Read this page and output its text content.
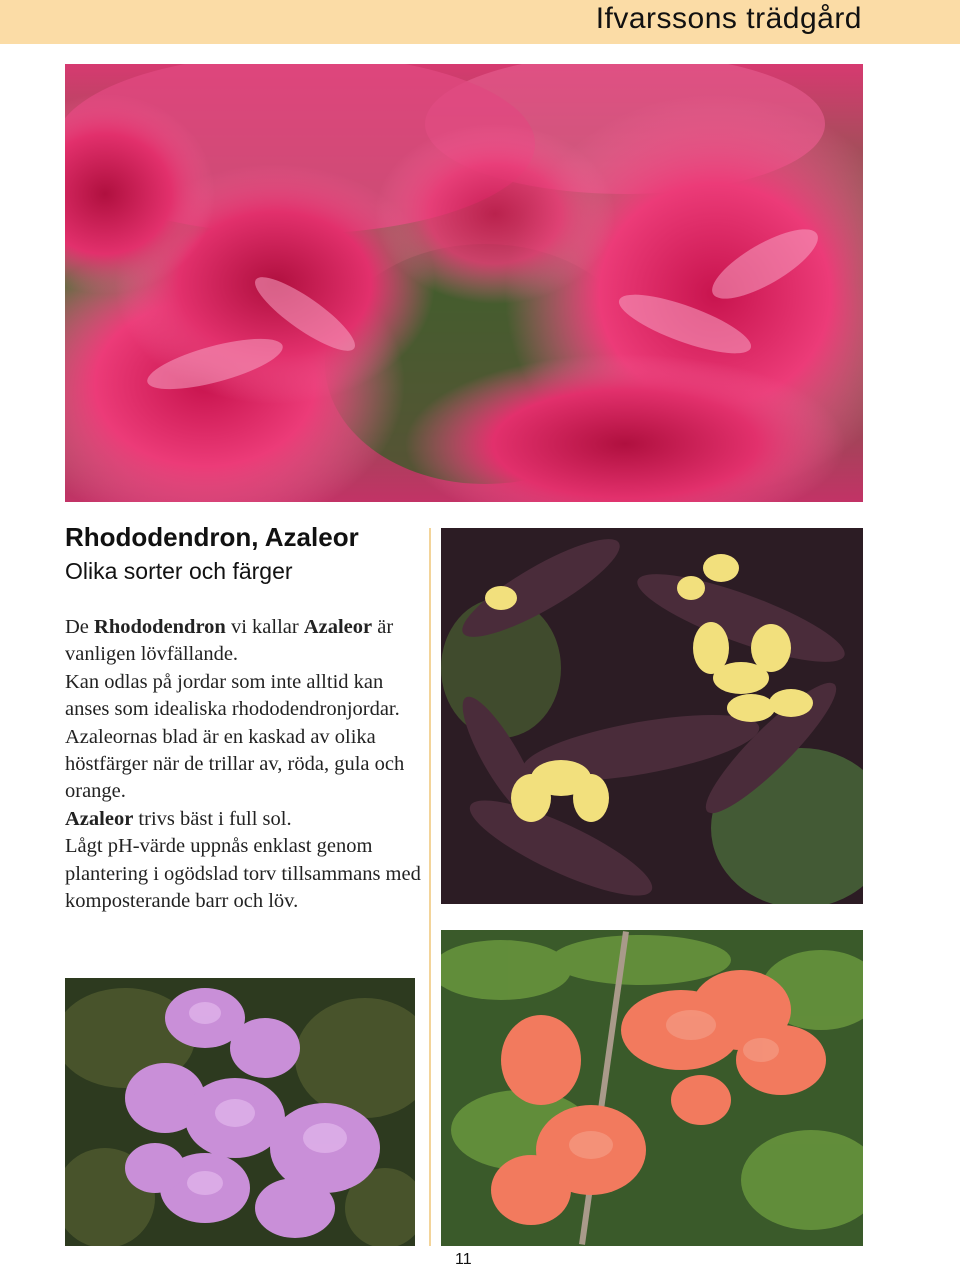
Ifvarssons trädgård
Rhododendron, Azaleor
Olika sorter och färger

De Rhododendron vi kallar Azaleor är vanligen lövfällande.

Kan odlas på jordar som inte alltid kan anses som idealiska rhododendronjordar.

Azaleornas blad är en kaskad av olika höstfärger när de trillar av, röda, gula och orange.

Azaleor trivs bäst i full sol.

Lågt pH-värde uppnås enklast genom plantering i ogödslad torv tillsammans med komposterande barr och löv.

11
